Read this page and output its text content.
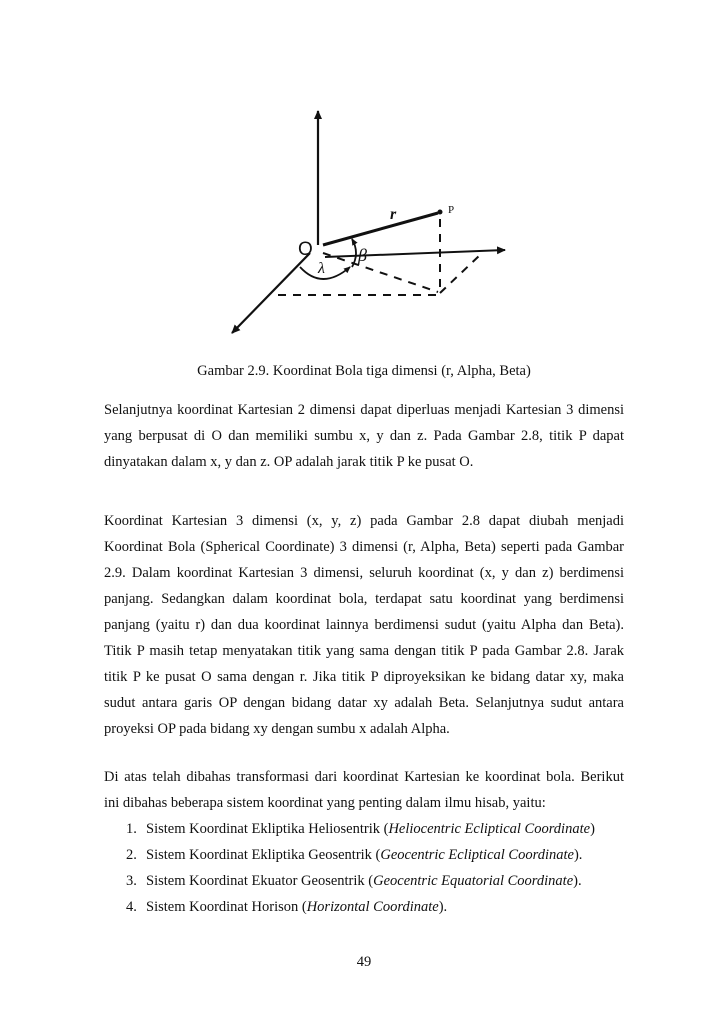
O
P
r
β
λ
Gambar 2.9. Koordinat Bola tiga dimensi (r, Alpha, Beta)

Selanjutnya koordinat Kartesian 2 dimensi dapat diperluas menjadi Kartesian 3 dimensi
yang berpusat di O dan memiliki sumbu x, y dan z. Pada Gambar 2.8, titik P dapat
dinyatakan dalam x, y dan z. OP adalah jarak titik P ke pusat O.

Koordinat Kartesian 3 dimensi (x, y, z) pada Gambar 2.8 dapat diubah menjadi
Koordinat Bola (Spherical Coordinate) 3 dimensi (r, Alpha, Beta) seperti pada Gambar
2.9. Dalam koordinat Kartesian 3 dimensi, seluruh koordinat (x, y dan z) berdimensi
panjang. Sedangkan dalam koordinat bola, terdapat satu koordinat yang berdimensi
panjang (yaitu r) dan dua koordinat lainnya berdimensi sudut (yaitu Alpha dan Beta).
Titik P masih tetap menyatakan titik yang sama dengan titik P pada Gambar 2.8. Jarak
titik P ke pusat O sama dengan r. Jika titik P diproyeksikan ke bidang datar xy, maka
sudut antara garis OP dengan bidang datar xy adalah Beta. Selanjutnya sudut antara
proyeksi OP pada bidang xy dengan sumbu x adalah Alpha.

Di atas telah dibahas transformasi dari koordinat Kartesian ke koordinat bola. Berikut
ini dibahas beberapa sistem koordinat yang penting dalam ilmu hisab, yaitu:

1. Sistem Koordinat Ekliptika Heliosentrik (Heliocentric Ecliptical Coordinate)
2. Sistem Koordinat Ekliptika Geosentrik (Geocentric Ecliptical Coordinate).
3. Sistem Koordinat Ekuator Geosentrik (Geocentric Equatorial Coordinate).
4. Sistem Koordinat Horison (Horizontal Coordinate).
49
